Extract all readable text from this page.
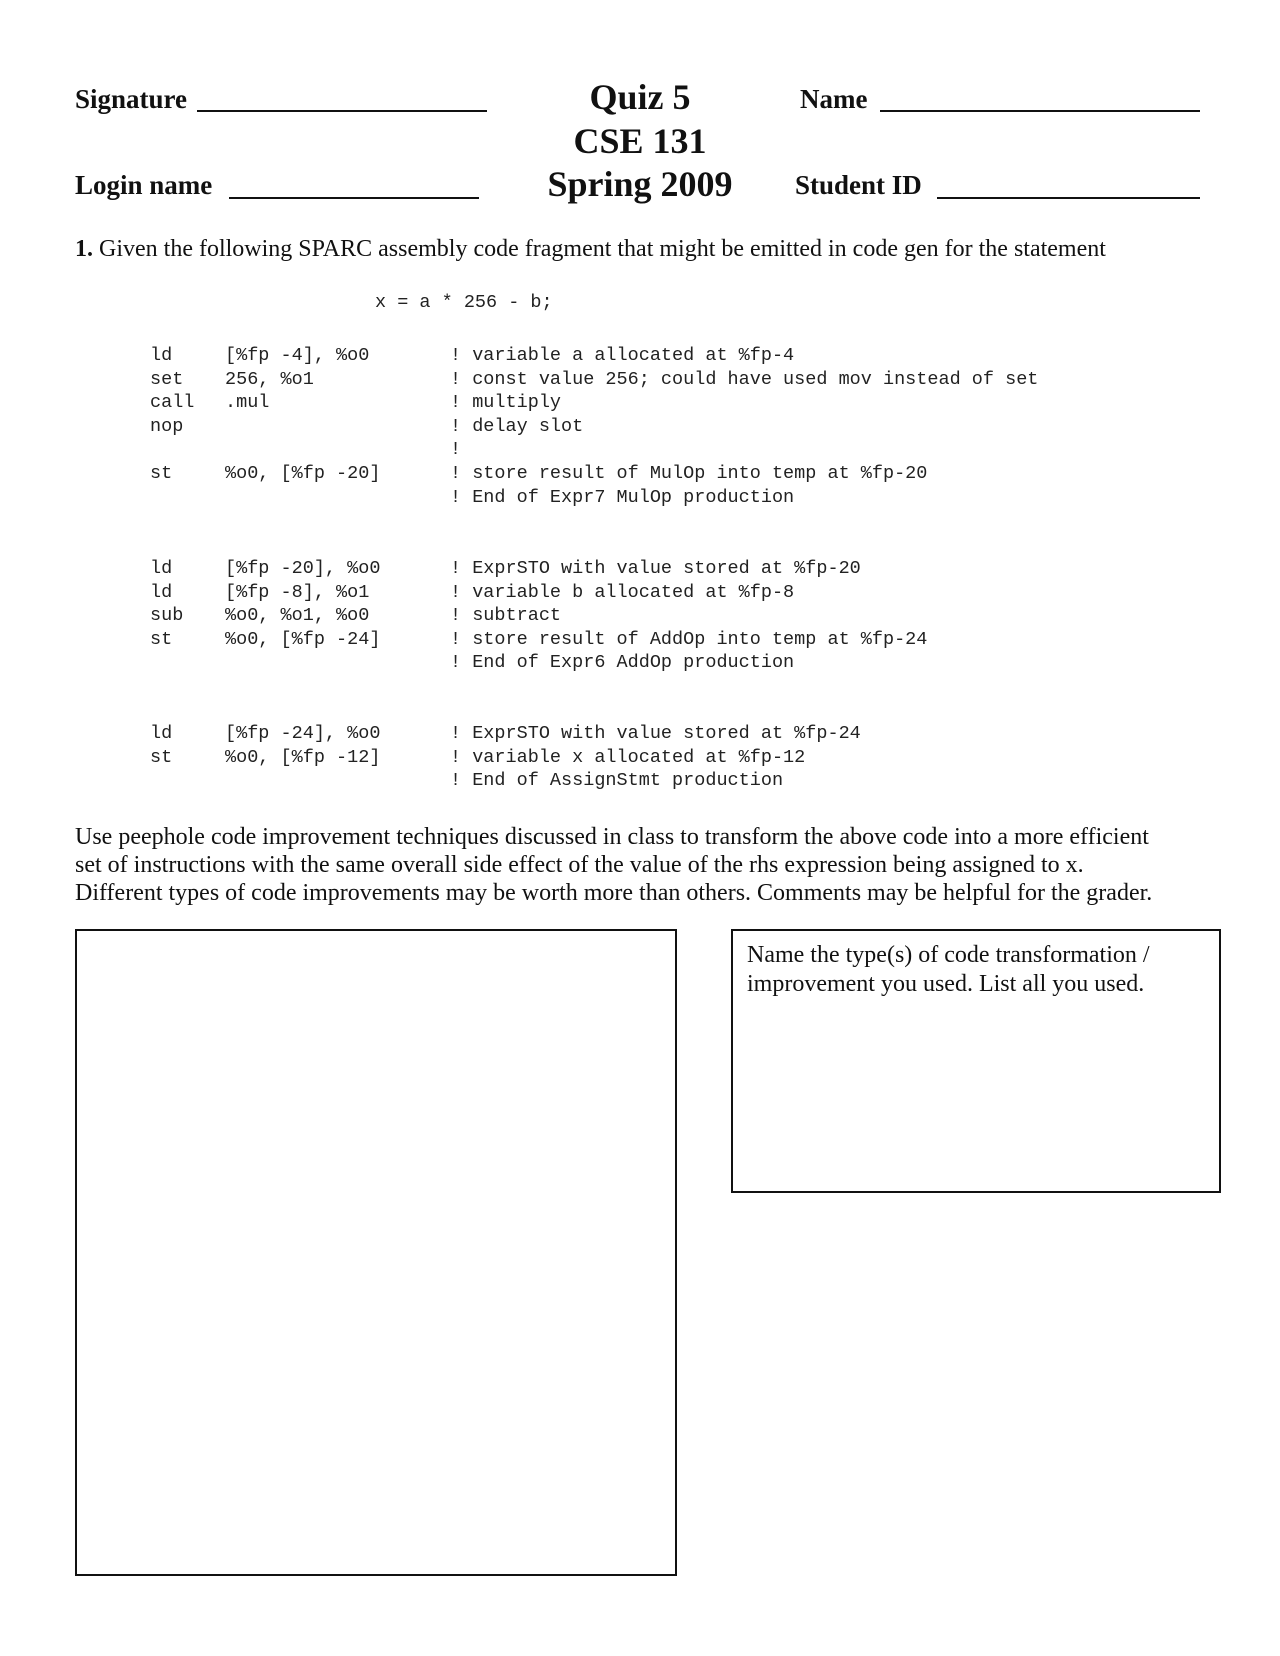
Signature
Login name
Name
Student ID
Quiz 5
CSE 131
Spring 2009
1. Given the following SPARC assembly code fragment that might be emitted in code gen for the statement
x = a * 256 - b;
ld	[%fp -4], %o0	! variable a allocated at %fp-4
set 256, %o1	! const value 256; could have used mov instead of set
call .mul	! multiply
nop	! delay slot
!
st	%o0, [%fp -20]	! store result of MulOp into temp at %fp-20
! End of Expr7 MulOp production
ld	[%fp -20], %o0	! ExprSTO with value stored at %fp-20
ld	[%fp -8], %o1	! variable b allocated at %fp-8
sub %o0, %o1, %o0	! subtract
st	%o0, [%fp -24]	! store result of AddOp into temp at %fp-24
! End of Expr6 AddOp production
ld	[%fp -24], %o0	! ExprSTO with value stored at %fp-24
st	%o0, [%fp -12]	! variable x allocated at %fp-12
! End of AssignStmt production
Use peephole code improvement techniques discussed in class to transform the above code into a more efficient
set of instructions with the same overall side effect of the value of the rhs expression being assigned to x.
Different types of code improvements may be worth more than others. Comments may be helpful for the grader.
Name the type(s) of code transformation / improvement you used. List all you used.
